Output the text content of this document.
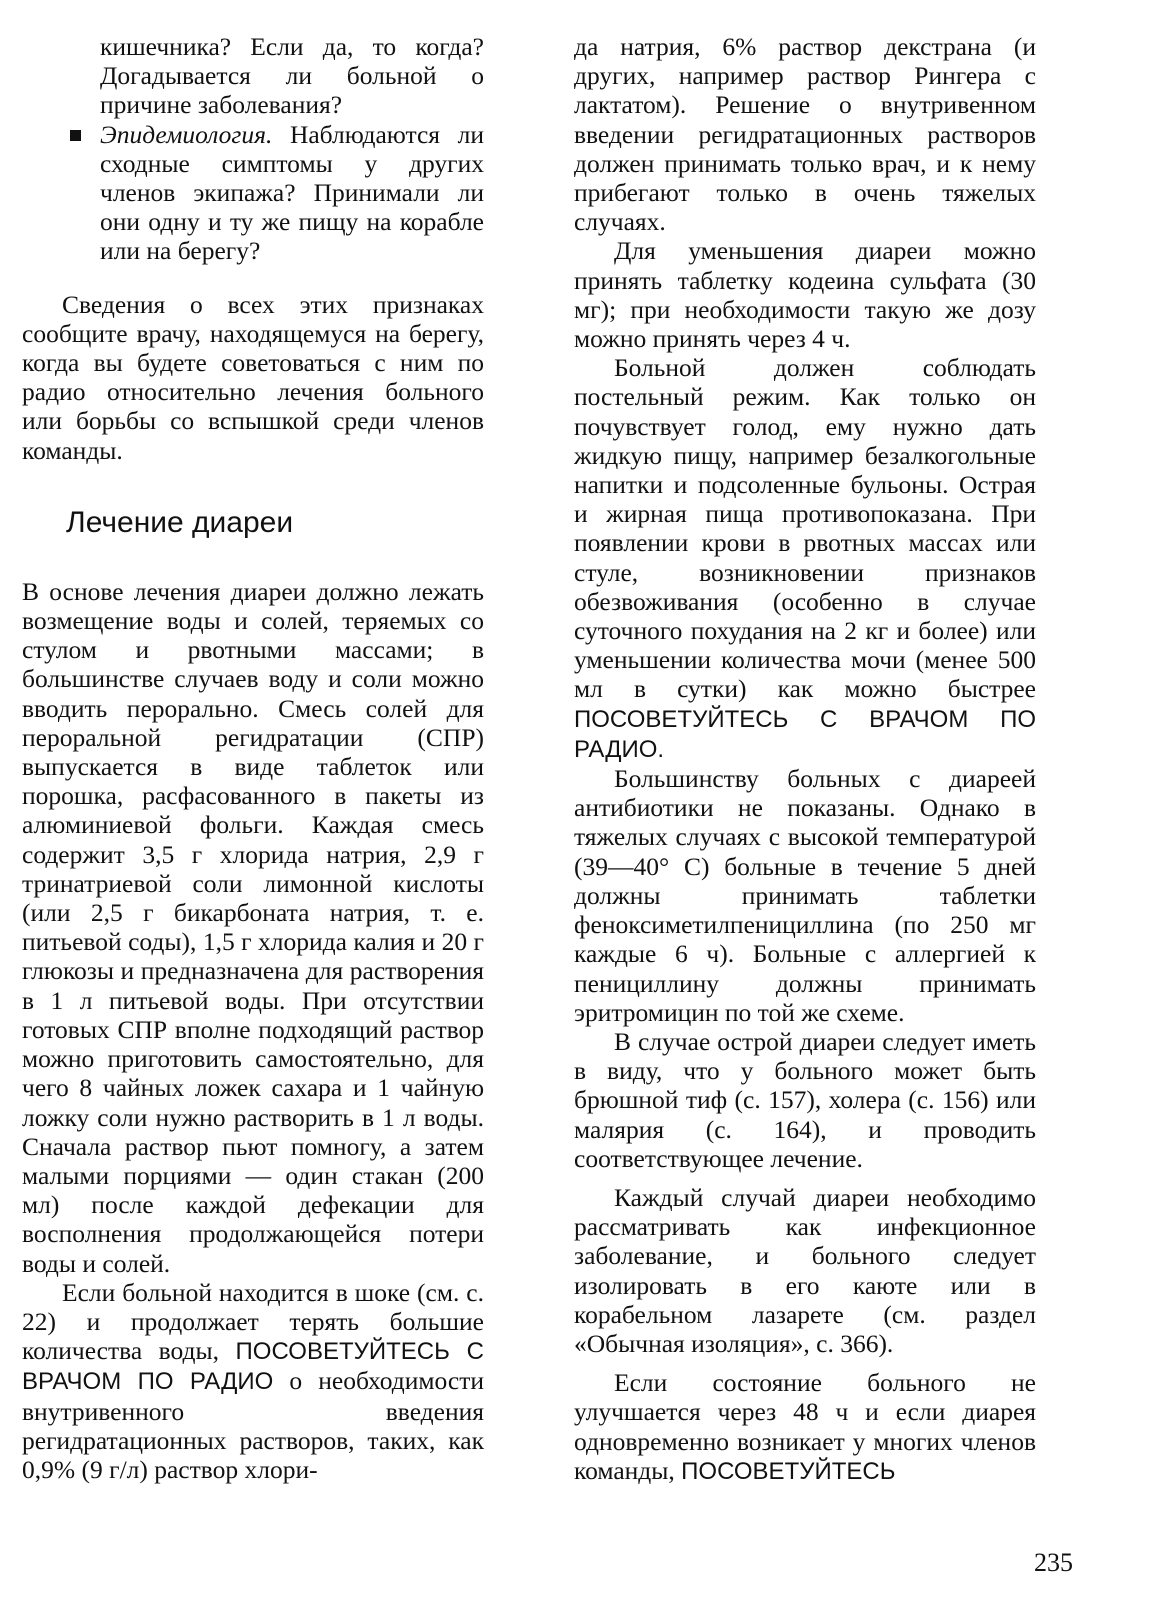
кишечника? Если да, то когда? Догадывается ли больной о причине заболевания?
Эпидемиология. Наблюдаются ли сходные симптомы у других членов экипажа? Принимали ли они одну и ту же пищу на корабле или на берегу?

Сведения о всех этих признаках сообщите врачу, находящемуся на берегу, когда вы будете советоваться с ним по радио относительно лечения больного или борьбы со вспышкой среди членов команды.

Лечение диареи

В основе лечения диареи должно лежать возмещение воды и солей, теряемых со стулом и рвотными массами; в большинстве случаев воду и соли можно вводить перорально. Смесь солей для пероральной регидратации (СПР) выпускается в виде таблеток или порошка, расфасованного в пакеты из алюминиевой фольги. Каждая смесь содержит 3,5 г хлорида натрия, 2,9 г тринатриевой соли лимонной кислоты (или 2,5 г бикарбоната натрия, т. е. питьевой соды), 1,5 г хлорида калия и 20 г глюкозы и предназначена для растворения в 1 л питьевой воды. При отсутствии готовых СПР вполне подходящий раствор можно приготовить самостоятельно, для чего 8 чайных ложек сахара и 1 чайную ложку соли нужно растворить в 1 л воды. Сначала раствор пьют помногу, а затем малыми порциями — один стакан (200 мл) после каждой дефекации для восполнения продолжающейся потери воды и солей.

Если больной находится в шоке (см. с. 22) и продолжает терять большие количества воды, ПОСОВЕТУЙТЕСЬ С ВРАЧОМ ПО РАДИО о необходимости внутривенного введения регидратационных растворов, таких, как 0,9% (9 г/л) раствор хлори-

да натрия, 6% раствор декстрана (и других, например раствор Рингера с лактатом). Решение о внутривенном введении регидратационных растворов должен принимать только врач, и к нему прибегают только в очень тяжелых случаях.

Для уменьшения диареи можно принять таблетку кодеина сульфата (30 мг); при необходимости такую же дозу можно принять через 4 ч.

Больной должен соблюдать постельный режим. Как только он почувствует голод, ему нужно дать жидкую пищу, например безалкогольные напитки и подсоленные бульоны. Острая и жирная пища противопоказана. При появлении крови в рвотных массах или стуле, возникновении признаков обезвоживания (особенно в случае суточного похудания на 2 кг и более) или уменьшении количества мочи (менее 500 мл в сутки) как можно быстрее ПОСОВЕТУЙТЕСЬ С ВРАЧОМ ПО РАДИО.

Большинству больных с диареей антибиотики не показаны. Однако в тяжелых случаях с высокой температурой (39—40° С) больные в течение 5 дней должны принимать таблетки феноксиметилпенициллина (по 250 мг каждые 6 ч). Больные с аллергией к пенициллину должны принимать эритромицин по той же схеме.

В случае острой диареи следует иметь в виду, что у больного может быть брюшной тиф (с. 157), холера (с. 156) или малярия (с. 164), и проводить соответствующее лечение.

Каждый случай диареи необходимо рассматривать как инфекционное заболевание, и больного следует изолировать в его каюте или в корабельном лазарете (см. раздел «Обычная изоляция», с. 366).

Если состояние больного не улучшается через 48 ч и если диарея одновременно возникает у многих членов команды, ПОСОВЕТУЙТЕСЬ

235
